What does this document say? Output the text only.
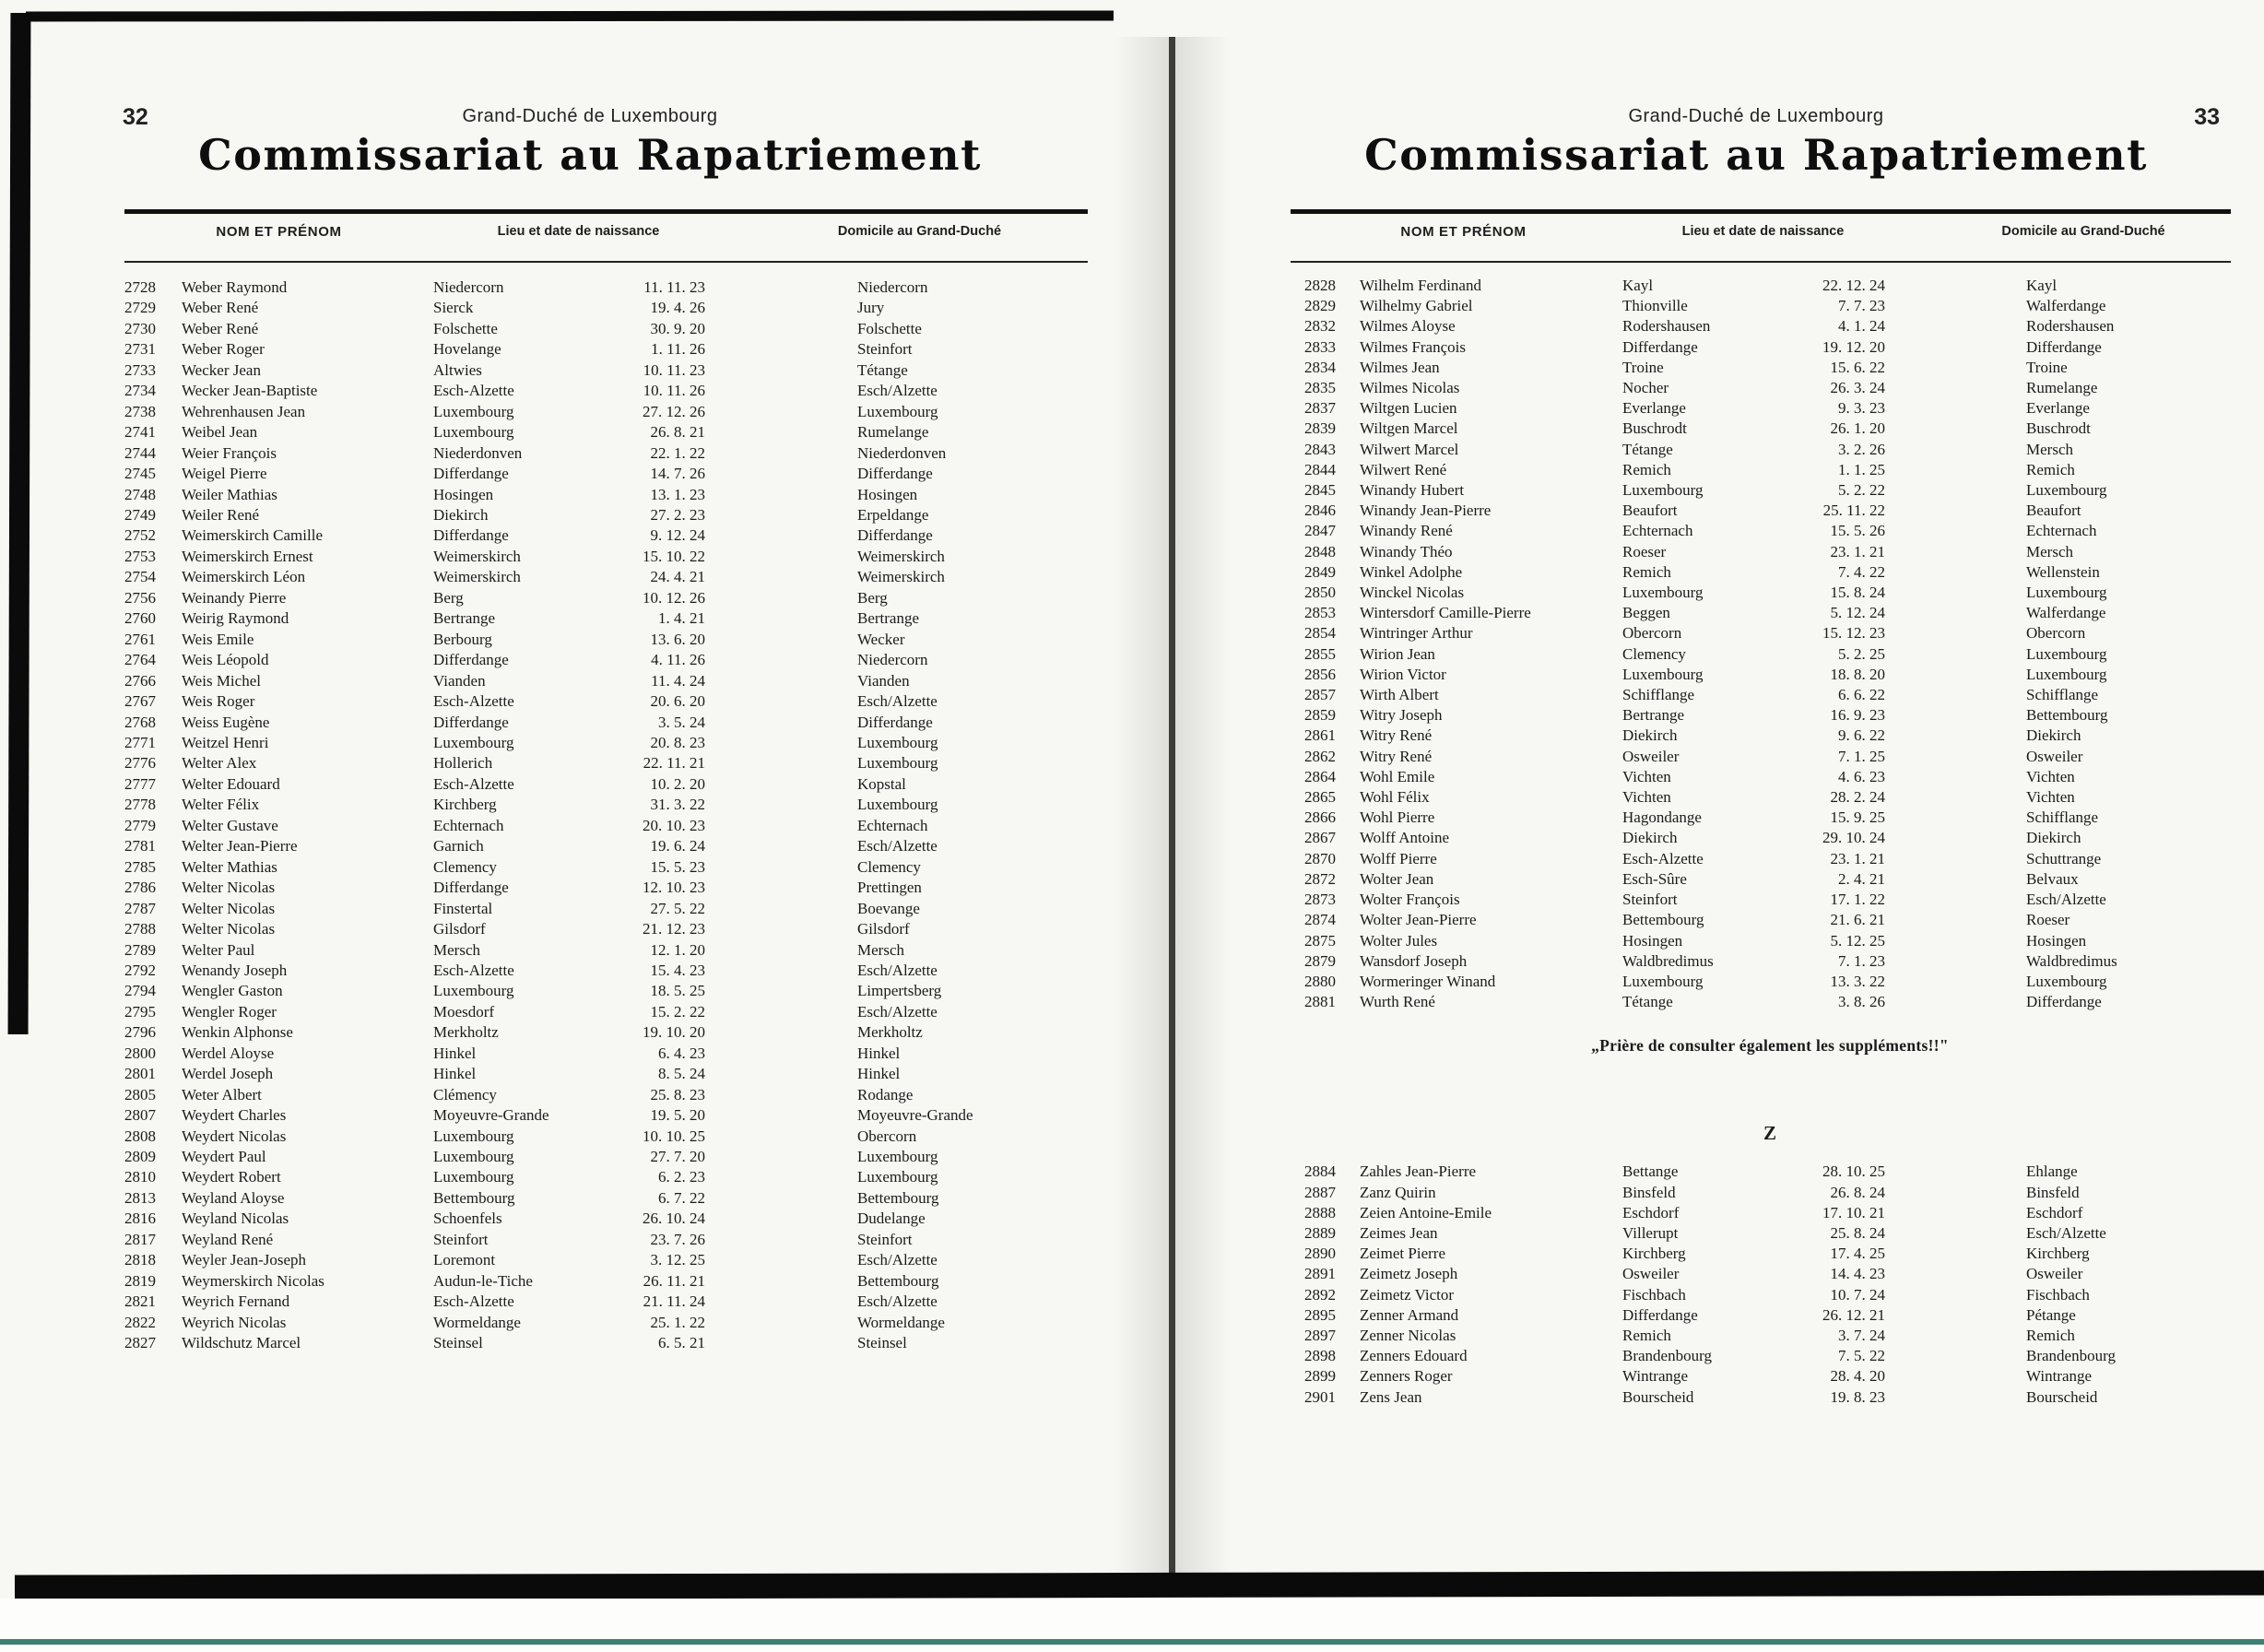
32	Grand-Duché de Luxembourg
Commissariat au Rapatriement
NOM ET PRÉNOM	Lieu et date de naissance	Domicile au Grand-Duché
2728	Weber Raymond	Niedercorn	11. 11. 23	Niedercorn
2729	Weber René	Sierck	19. 4. 26	Jury
2730	Weber René	Folschette	30. 9. 20	Folschette
2731	Weber Roger	Hovelange	1. 11. 26	Steinfort
2733	Wecker Jean	Altwies	10. 11. 23	Tétange
2734	Wecker Jean-Baptiste	Esch-Alzette	10. 11. 26	Esch/Alzette
2738	Wehrenhausen Jean	Luxembourg	27. 12. 26	Luxembourg
2741	Weibel Jean	Luxembourg	26. 8. 21	Rumelange
2744	Weier François	Niederdonven	22. 1. 22	Niederdonven
2745	Weigel Pierre	Differdange	14. 7. 26	Differdange
2748	Weiler Mathias	Hosingen	13. 1. 23	Hosingen
2749	Weiler René	Diekirch	27. 2. 23	Erpeldange
2752	Weimerskirch Camille	Differdange	9. 12. 24	Differdange
2753	Weimerskirch Ernest	Weimerskirch	15. 10. 22	Weimerskirch
2754	Weimerskirch Léon	Weimerskirch	24. 4. 21	Weimerskirch
2756	Weinandy Pierre	Berg	10. 12. 26	Berg
2760	Weirig Raymond	Bertrange	1. 4. 21	Bertrange
2761	Weis Emile	Berbourg	13. 6. 20	Wecker
2764	Weis Léopold	Differdange	4. 11. 26	Niedercorn
2766	Weis Michel	Vianden	11. 4. 24	Vianden
2767	Weis Roger	Esch-Alzette	20. 6. 20	Esch/Alzette
2768	Weiss Eugène	Differdange	3. 5. 24	Differdange
2771	Weitzel Henri	Luxembourg	20. 8. 23	Luxembourg
2776	Welter Alex	Hollerich	22. 11. 21	Luxembourg
2777	Welter Edouard	Esch-Alzette	10. 2. 20	Kopstal
2778	Welter Félix	Kirchberg	31. 3. 22	Luxembourg
2779	Welter Gustave	Echternach	20. 10. 23	Echternach
2781	Welter Jean-Pierre	Garnich	19. 6. 24	Esch/Alzette
2785	Welter Mathias	Clemency	15. 5. 23	Clemency
2786	Welter Nicolas	Differdange	12. 10. 23	Prettingen
2787	Welter Nicolas	Finstertal	27. 5. 22	Boevange
2788	Welter Nicolas	Gilsdorf	21. 12. 23	Gilsdorf
2789	Welter Paul	Mersch	12. 1. 20	Mersch
2792	Wenandy Joseph	Esch-Alzette	15. 4. 23	Esch/Alzette
2794	Wengler Gaston	Luxembourg	18. 5. 25	Limpertsberg
2795	Wengler Roger	Moesdorf	15. 2. 22	Esch/Alzette
2796	Wenkin Alphonse	Merkholtz	19. 10. 20	Merkholtz
2800	Werdel Aloyse	Hinkel	6. 4. 23	Hinkel
2801	Werdel Joseph	Hinkel	8. 5. 24	Hinkel
2805	Weter Albert	Clémency	25. 8. 23	Rodange
2807	Weydert Charles	Moyeuvre-Grande	19. 5. 20	Moyeuvre-Grande
2808	Weydert Nicolas	Luxembourg	10. 10. 25	Obercorn
2809	Weydert Paul	Luxembourg	27. 7. 20	Luxembourg
2810	Weydert Robert	Luxembourg	6. 2. 23	Luxembourg
2813	Weyland Aloyse	Bettembourg	6. 7. 22	Bettembourg
2816	Weyland Nicolas	Schoenfels	26. 10. 24	Dudelange
2817	Weyland René	Steinfort	23. 7. 26	Steinfort
2818	Weyler Jean-Joseph	Loremont	3. 12. 25	Esch/Alzette
2819	Weymerskirch Nicolas	Audun-le-Tiche	26. 11. 21	Bettembourg
2821	Weyrich Fernand	Esch-Alzette	21. 11. 24	Esch/Alzette
2822	Weyrich Nicolas	Wormeldange	25. 1. 22	Wormeldange
2827	Wildschutz Marcel	Steinsel	6. 5. 21	Steinsel
33
Grand-Duché de Luxembourg
Commissariat au Rapatriement
NOM ET PRÉNOM	Lieu et date de naissance	Domicile au Grand-Duché
2828	Wilhelm Ferdinand	Kayl	22. 12. 24	Kayl
2829	Wilhelmy Gabriel	Thionville	7. 7. 23	Walferdange
2832	Wilmes Aloyse	Rodershausen	4. 1. 24	Rodershausen
2833	Wilmes François	Differdange	19. 12. 20	Differdange
2834	Wilmes Jean	Troine	15. 6. 22	Troine
2835	Wilmes Nicolas	Nocher	26. 3. 24	Rumelange
2837	Wiltgen Lucien	Everlange	9. 3. 23	Everlange
2839	Wiltgen Marcel	Buschrodt	26. 1. 20	Buschrodt
2843	Wilwert Marcel	Tétange	3. 2. 26	Mersch
2844	Wilwert René	Remich	1. 1. 25	Remich
2845	Winandy Hubert	Luxembourg	5. 2. 22	Luxembourg
2846	Winandy Jean-Pierre	Beaufort	25. 11. 22	Beaufort
2847	Winandy René	Echternach	15. 5. 26	Echternach
2848	Winandy Théo	Roeser	23. 1. 21	Mersch
2849	Winkel Adolphe	Remich	7. 4. 22	Wellenstein
2850	Winckel Nicolas	Luxembourg	15. 8. 24	Luxembourg
2853	Wintersdorf Camille-Pierre	Beggen	5. 12. 24	Walferdange
2854	Wintringer Arthur	Obercorn	15. 12. 23	Obercorn
2855	Wirion Jean	Clemency	5. 2. 25	Luxembourg
2856	Wirion Victor	Luxembourg	18. 8. 20	Luxembourg
2857	Wirth Albert	Schifflange	6. 6. 22	Schifflange
2859	Witry Joseph	Bertrange	16. 9. 23	Bettembourg
2861	Witry René	Diekirch	9. 6. 22	Diekirch
2862	Witry René	Osweiler	7. 1. 25	Osweiler
2864	Wohl Emile	Vichten	4. 6. 23	Vichten
2865	Wohl Félix	Vichten	28. 2. 24	Vichten
2866	Wohl Pierre	Hagondange	15. 9. 25	Schifflange
2867	Wolff Antoine	Diekirch	29. 10. 24	Diekirch
2870	Wolff Pierre	Esch-Alzette	23. 1. 21	Schuttrange
2872	Wolter Jean	Esch-Sûre	2. 4. 21	Belvaux
2873	Wolter François	Steinfort	17. 1. 22	Esch/Alzette
2874	Wolter Jean-Pierre	Bettembourg	21. 6. 21	Roeser
2875	Wolter Jules	Hosingen	5. 12. 25	Hosingen
2879	Wansdorf Joseph	Waldbredimus	7. 1. 23	Waldbredimus
2880	Wormeringer Winand	Luxembourg	13. 3. 22	Luxembourg
2881	Wurth René	Tétange	3. 8. 26	Differdange
„Prière de consulter également les suppléments!!"
Z
2884	Zahles Jean-Pierre	Bettange	28. 10. 25	Ehlange
2887	Zanz Quirin	Binsfeld	26. 8. 24	Binsfeld
2888	Zeien Antoine-Emile	Eschdorf	17. 10. 21	Eschdorf
2889	Zeimes Jean	Villerupt	25. 8. 24	Esch/Alzette
2890	Zeimet Pierre	Kirchberg	17. 4. 25	Kirchberg
2891	Zeimetz Joseph	Osweiler	14. 4. 23	Osweiler
2892	Zeimetz Victor	Fischbach	10. 7. 24	Fischbach
2895	Zenner Armand	Differdange	26. 12. 21	Pétange
2897	Zenner Nicolas	Remich	3. 7. 24	Remich
2898	Zenners Edouard	Brandenbourg	7. 5. 22	Brandenbourg
2899	Zenners Roger	Wintrange	28. 4. 20	Wintrange
2901	Zens Jean	Bourscheid	19. 8. 23	Bourscheid
